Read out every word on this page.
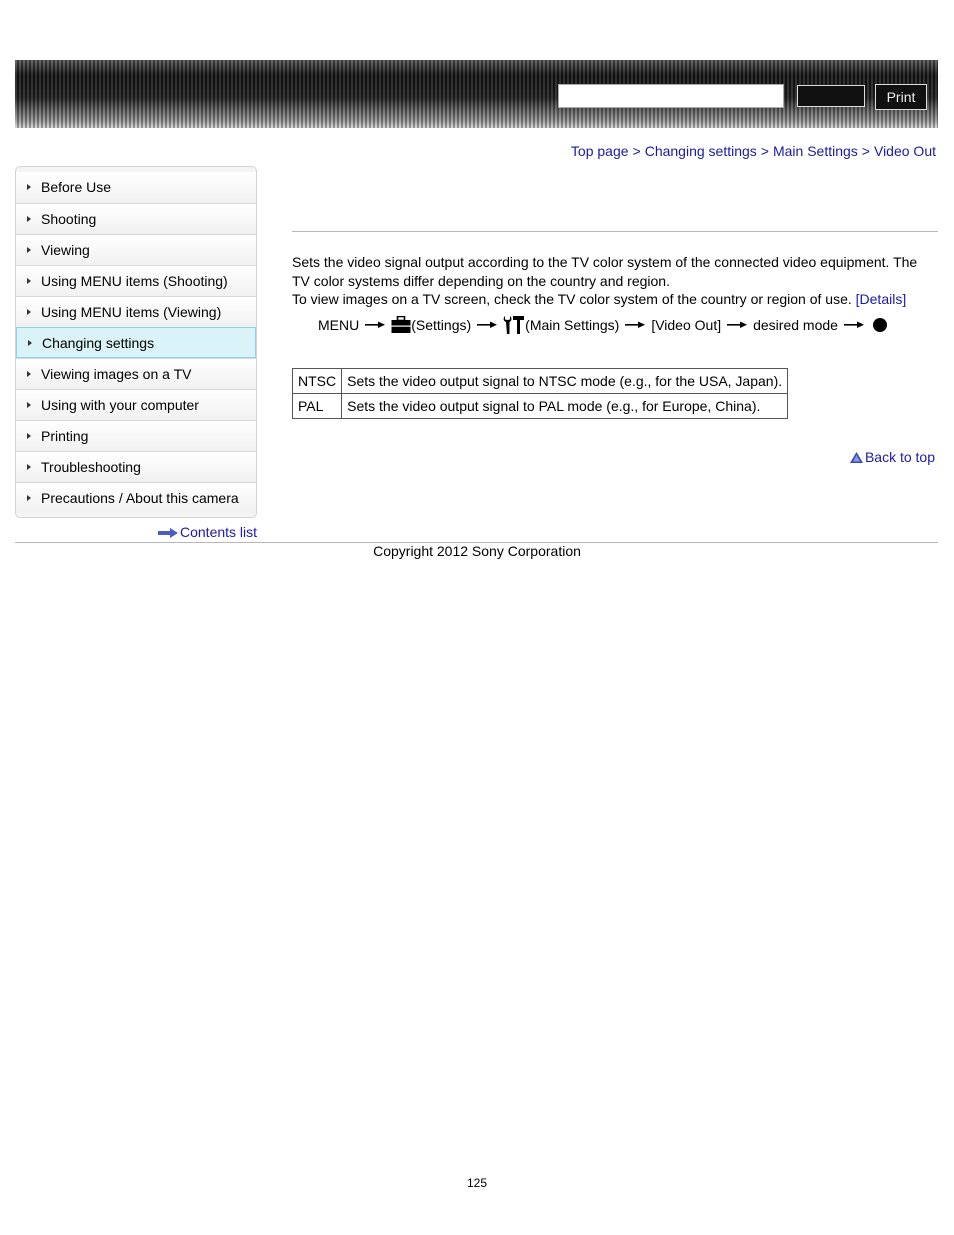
Print
Top page > Changing settings > Main Settings > Video Out
Before Use
Shooting
Viewing
Using MENU items (Shooting)
Using MENU items (Viewing)
Changing settings
Viewing images on a TV
Using with your computer
Printing
Troubleshooting
Precautions / About this camera
Contents list

Sets the video signal output according to the TV color system of the connected video equipment. The TV color systems differ depending on the country and region.

To view images on a TV screen, check the TV color system of the country or region of use. [Details]

MENU	(Settings)	(Main Settings) [Video Out] desired mode
NTSC	Sets the video output signal to NTSC mode (e.g., for the USA, Japan).
PAL	Sets the video output signal to PAL mode (e.g., for Europe, China).
Back to top
Copyright 2012 Sony Corporation
125
